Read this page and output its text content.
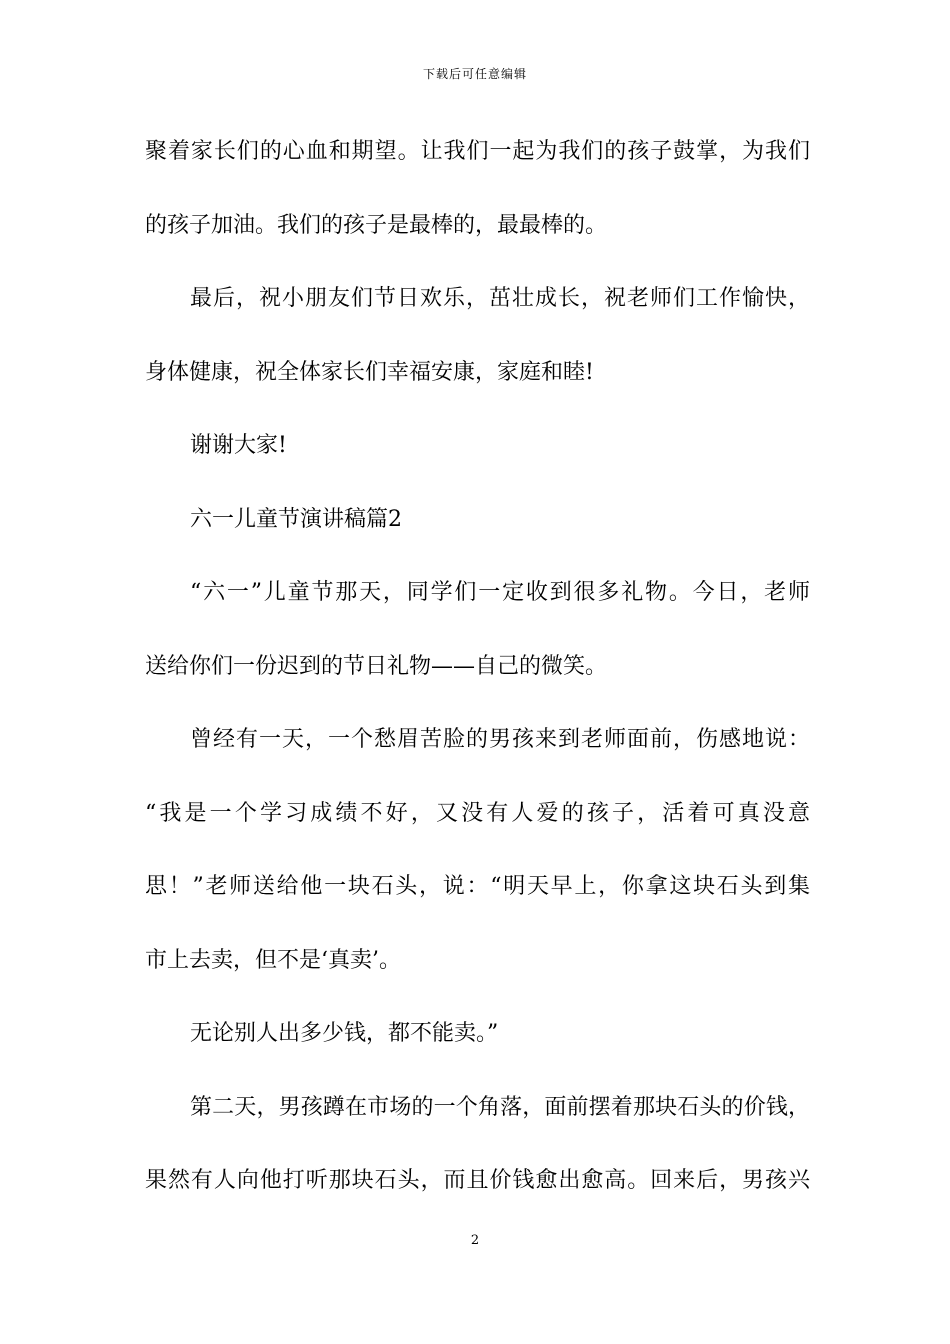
下载后可任意编辑
聚着家长们的心血和期望。让我们一起为我们的孩子鼓掌，为我们
的孩子加油。我们的孩子是最棒的，最最棒的。
最后，祝小朋友们节日欢乐，茁壮成长，祝老师们工作愉快，
身体健康，祝全体家长们幸福安康，家庭和睦!
谢谢大家!
六一儿童节演讲稿篇2
“六一”儿童节那天，同学们一定收到很多礼物。今日，老师
送给你们一份迟到的节日礼物——自己的微笑。
曾经有一天，一个愁眉苦脸的男孩来到老师面前，伤感地说：
“我是一个学习成绩不好，又没有人爱的孩子，活着可真没意
思！”老师送给他一块石头，说：“明天早上，你拿这块石头到集
市上去卖，但不是‘真卖’。
无论别人出多少钱，都不能卖。”
第二天，男孩蹲在市场的一个角落，面前摆着那块石头的价钱，
果然有人向他打听那块石头，而且价钱愈出愈高。回来后，男孩兴
2
